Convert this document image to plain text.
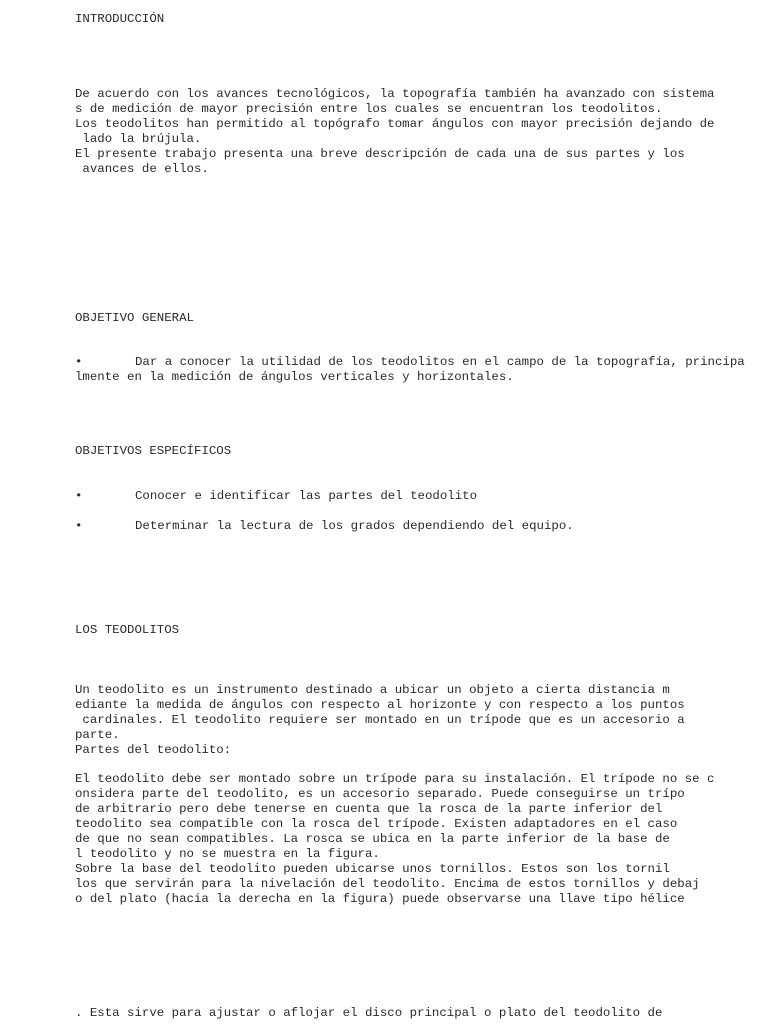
INTRODUCCIÓN
De acuerdo con los avances tecnológicos, la topografía también ha avanzado con sistema
s de medición de mayor precisión entre los cuales se encuentran los teodolitos.
Los teodolitos han permitido al topógrafo tomar ángulos con mayor precisión dejando de
lado la brújula.
El presente trabajo presenta una breve descripción de cada una de sus partes y los
avances de ellos.
OBJETIVO GENERAL
•	Dar a conocer la utilidad de los teodolitos en el campo de la topografía, principa
lmente en la medición de ángulos verticales y horizontales.
OBJETIVOS ESPECÍFICOS
•	Conocer e identificar las partes del teodolito
•	Determinar la lectura de los grados dependiendo del equipo.
LOS TEODOLITOS
Un teodolito es un instrumento destinado a ubicar un objeto a cierta distancia m
ediante la medida de ángulos con respecto al horizonte y con respecto a los puntos
cardinales. El teodolito requiere ser montado en un trípode que es un accesorio a
parte.
Partes del teodolito:
El teodolito debe ser montado sobre un trípode para su instalación. El trípode no se c
onsidera parte del teodolito, es un accesorio separado. Puede conseguirse un trípo
de arbitrario pero debe tenerse en cuenta que la rosca de la parte inferior del
teodolito sea compatible con la rosca del trípode. Existen adaptadores en el caso
de que no sean compatibles. La rosca se ubica en la parte inferior de la base de
l teodolito y no se muestra en la figura.
Sobre la base del teodolito pueden ubicarse unos tornillos. Estos son los tornil
los que servirán para la nivelación del teodolito. Encima de estos tornillos y debaj
o del plato (hacia la derecha en la figura) puede observarse una llave tipo hélice
. Esta sirve para ajustar o aflojar el disco principal o plato del teodolito de
